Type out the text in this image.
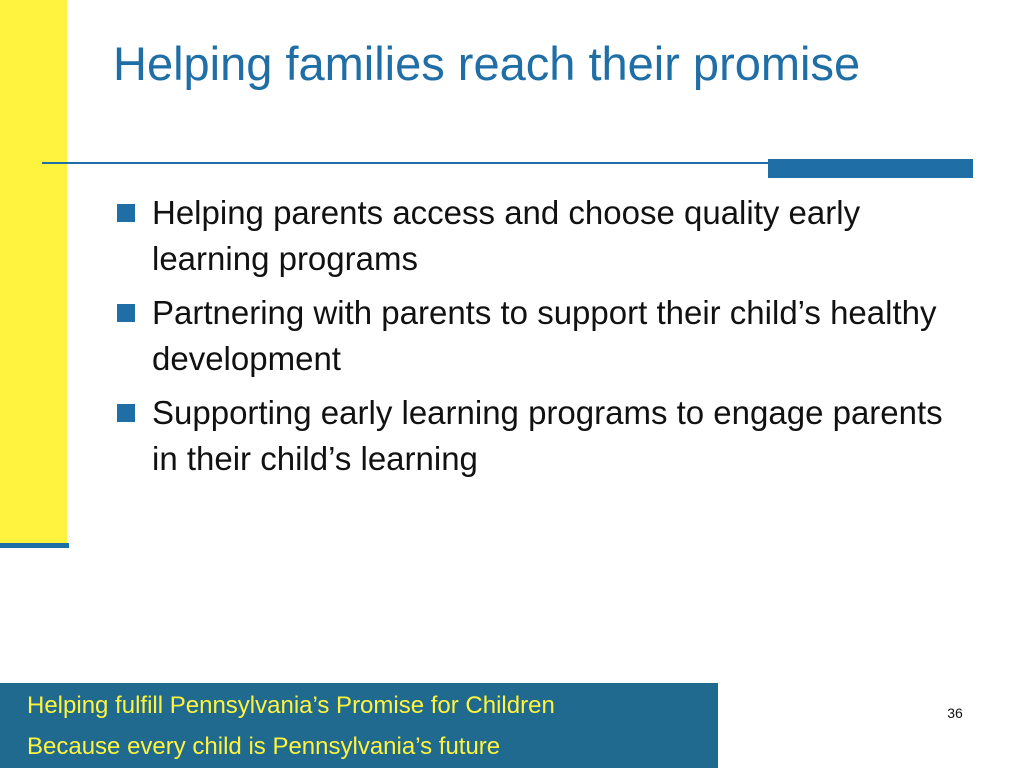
Helping families reach their promise
Helping parents access and choose quality early learning programs
Partnering with parents to support their child’s healthy development
Supporting early learning programs to engage parents in their child’s learning
Helping fulfill Pennsylvania’s Promise for Children
Because every child is Pennsylvania’s future
36
